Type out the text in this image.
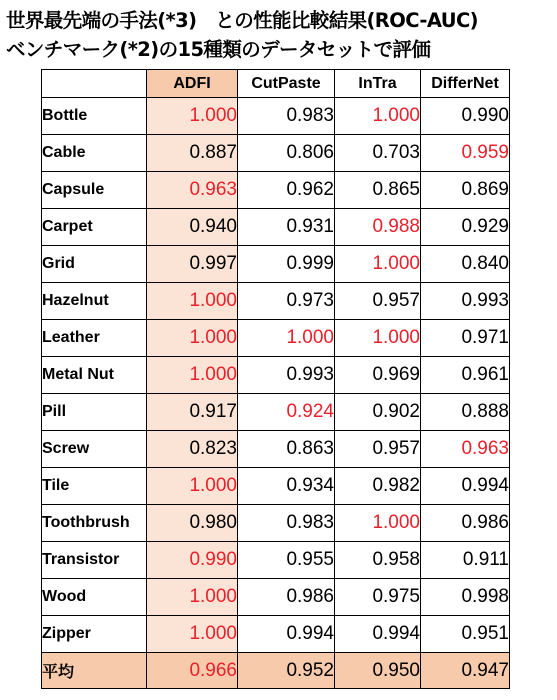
世界最先端の手法(*3)　との性能比較結果(ROC-AUC)
ベンチマーク(*2)の15種類のデータセットで評価
	ADFI	CutPaste	InTra	DifferNet
Bottle	1.000	0.983	1.000	0.990
Cable	0.887	0.806	0.703	0.959
Capsule	0.963	0.962	0.865	0.869
Carpet	0.940	0.931	0.988	0.929
Grid	0.997	0.999	1.000	0.840
Hazelnut	1.000	0.973	0.957	0.993
Leather	1.000	1.000	1.000	0.971
Metal Nut	1.000	0.993	0.969	0.961
Pill	0.917	0.924	0.902	0.888
Screw	0.823	0.863	0.957	0.963
Tile	1.000	0.934	0.982	0.994
Toothbrush	0.980	0.983	1.000	0.986
Transistor	0.990	0.955	0.958	0.911
Wood	1.000	0.986	0.975	0.998
Zipper	1.000	0.994	0.994	0.951
平均	0.966	0.952	0.950	0.947
